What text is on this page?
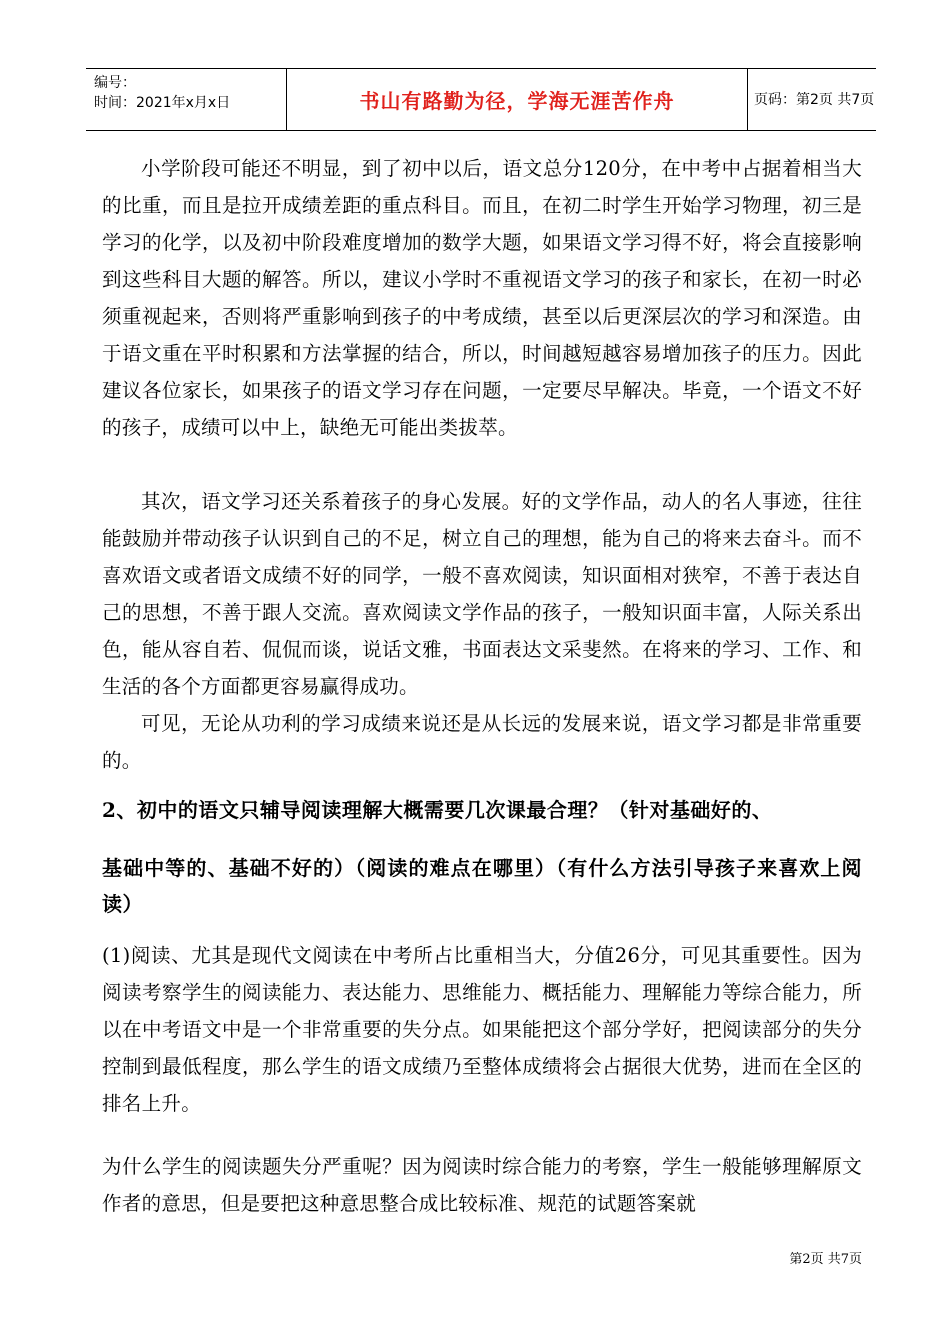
编号：
时间：2021年x月x日	书山有路勤为径，学海无涯苦作舟	页码：第2页 共7页

小学阶段可能还不明显，到了初中以后，语文总分120分，在中考中占据着相当大的比重，而且是拉开成绩差距的重点科目。而且，在初二时学生开始学习物理，初三是学习的化学，以及初中阶段难度增加的数学大题，如果语文学习得不好，将会直接影响到这些科目大题的解答。所以，建议小学时不重视语文学习的孩子和家长，在初一时必须重视起来，否则将严重影响到孩子的中考成绩，甚至以后更深层次的学习和深造。由于语文重在平时积累和方法掌握的结合，所以，时间越短越容易增加孩子的压力。因此建议各位家长，如果孩子的语文学习存在问题，一定要尽早解决。毕竟，一个语文不好的孩子，成绩可以中上，缺绝无可能出类拔萃。

其次，语文学习还关系着孩子的身心发展。好的文学作品，动人的名人事迹，往往能鼓励并带动孩子认识到自己的不足，树立自己的理想，能为自己的将来去奋斗。而不喜欢语文或者语文成绩不好的同学，一般不喜欢阅读，知识面相对狭窄，不善于表达自己的思想，不善于跟人交流。喜欢阅读文学作品的孩子，一般知识面丰富，人际关系出色，能从容自若、侃侃而谈，说话文雅，书面表达文采斐然。在将来的学习、工作、和生活的各个方面都更容易赢得成功。

可见，无论从功利的学习成绩来说还是从长远的发展来说，语文学习都是非常重要的。

2、初中的语文只辅导阅读理解大概需要几次课最合理？（针对基础好的、

基础中等的、基础不好的）（阅读的难点在哪里）（有什么方法引导孩子来喜欢上阅读）

(1)阅读、尤其是现代文阅读在中考所占比重相当大，分值26分，可见其重要性。因为阅读考察学生的阅读能力、表达能力、思维能力、概括能力、理解能力等综合能力，所以在中考语文中是一个非常重要的失分点。如果能把这个部分学好，把阅读部分的失分控制到最低程度，那么学生的语文成绩乃至整体成绩将会占据很大优势，进而在全区的排名上升。

为什么学生的阅读题失分严重呢？因为阅读时综合能力的考察，学生一般能够理解原文作者的意思，但是要把这种意思整合成比较标准、规范的试题答案就

第2页 共7页
